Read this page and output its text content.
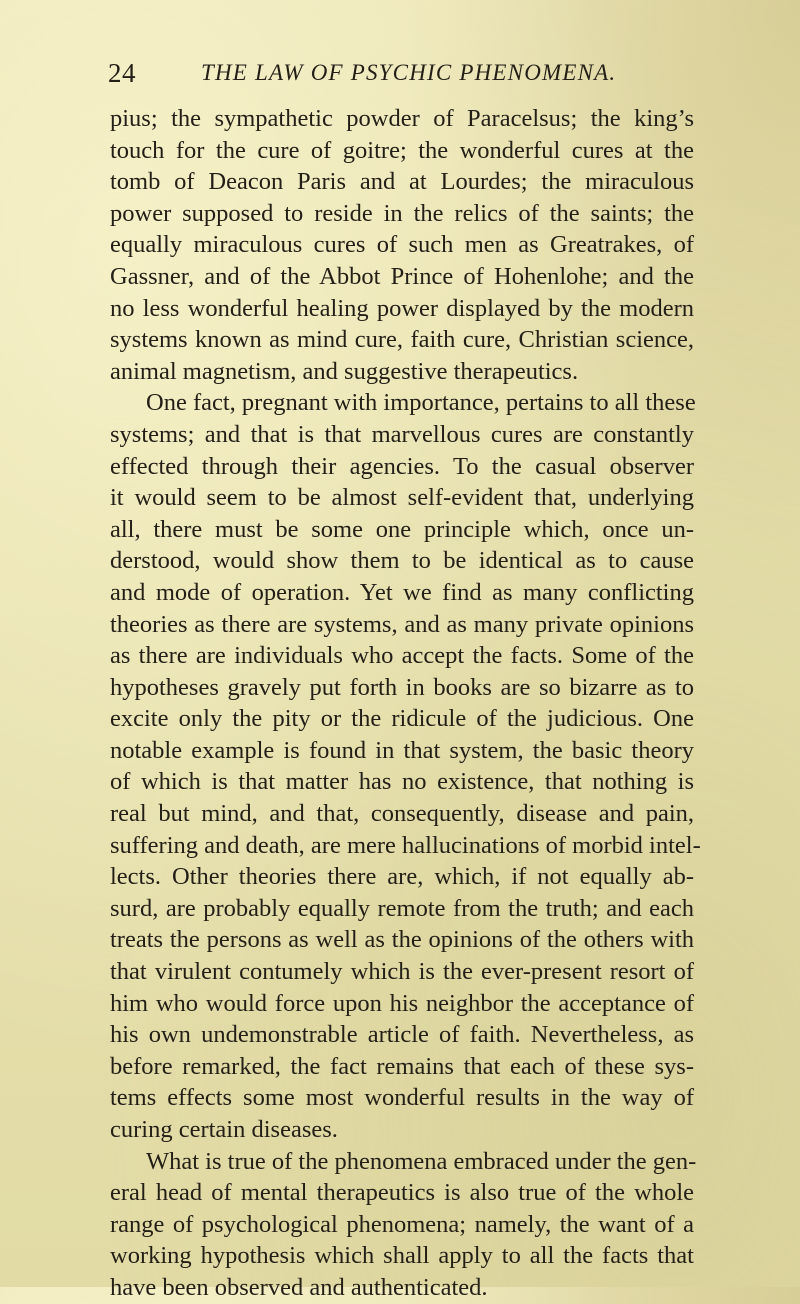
24	THE LAW OF PSYCHIC PHENOMENA.
pius; the sympathetic powder of Paracelsus; the king’s
touch for the cure of goitre; the wonderful cures at the
tomb of Deacon Paris and at Lourdes; the miraculous
power supposed to reside in the relics of the saints; the
equally miraculous cures of such men as Greatrakes, of
Gassner, and of the Abbot Prince of Hohenlohe; and the
no less wonderful healing power displayed by the modern
systems known as mind cure, faith cure, Christian science,
animal magnetism, and suggestive therapeutics.
One fact, pregnant with importance, pertains to all these
systems; and that is that marvellous cures are constantly
effected through their agencies. To the casual observer
it would seem to be almost self-evident that, underlying
all, there must be some one principle which, once un-
derstood, would show them to be identical as to cause
and mode of operation. Yet we find as many conflicting
theories as there are systems, and as many private opinions
as there are individuals who accept the facts. Some of the
hypotheses gravely put forth in books are so bizarre as to
excite only the pity or the ridicule of the judicious. One
notable example is found in that system, the basic theory
of which is that matter has no existence, that nothing is
real but mind, and that, consequently, disease and pain,
suffering and death, are mere hallucinations of morbid intel-
lects. Other theories there are, which, if not equally ab-
surd, are probably equally remote from the truth; and each
treats the persons as well as the opinions of the others with
that virulent contumely which is the ever-present resort of
him who would force upon his neighbor the acceptance of
his own undemonstrable article of faith. Nevertheless, as
before remarked, the fact remains that each of these sys-
tems effects some most wonderful results in the way of
curing certain diseases.
What is true of the phenomena embraced under the gen-
eral head of mental therapeutics is also true of the whole
range of psychological phenomena; namely, the want of a
working hypothesis which shall apply to all the facts that
have been observed and authenticated.
